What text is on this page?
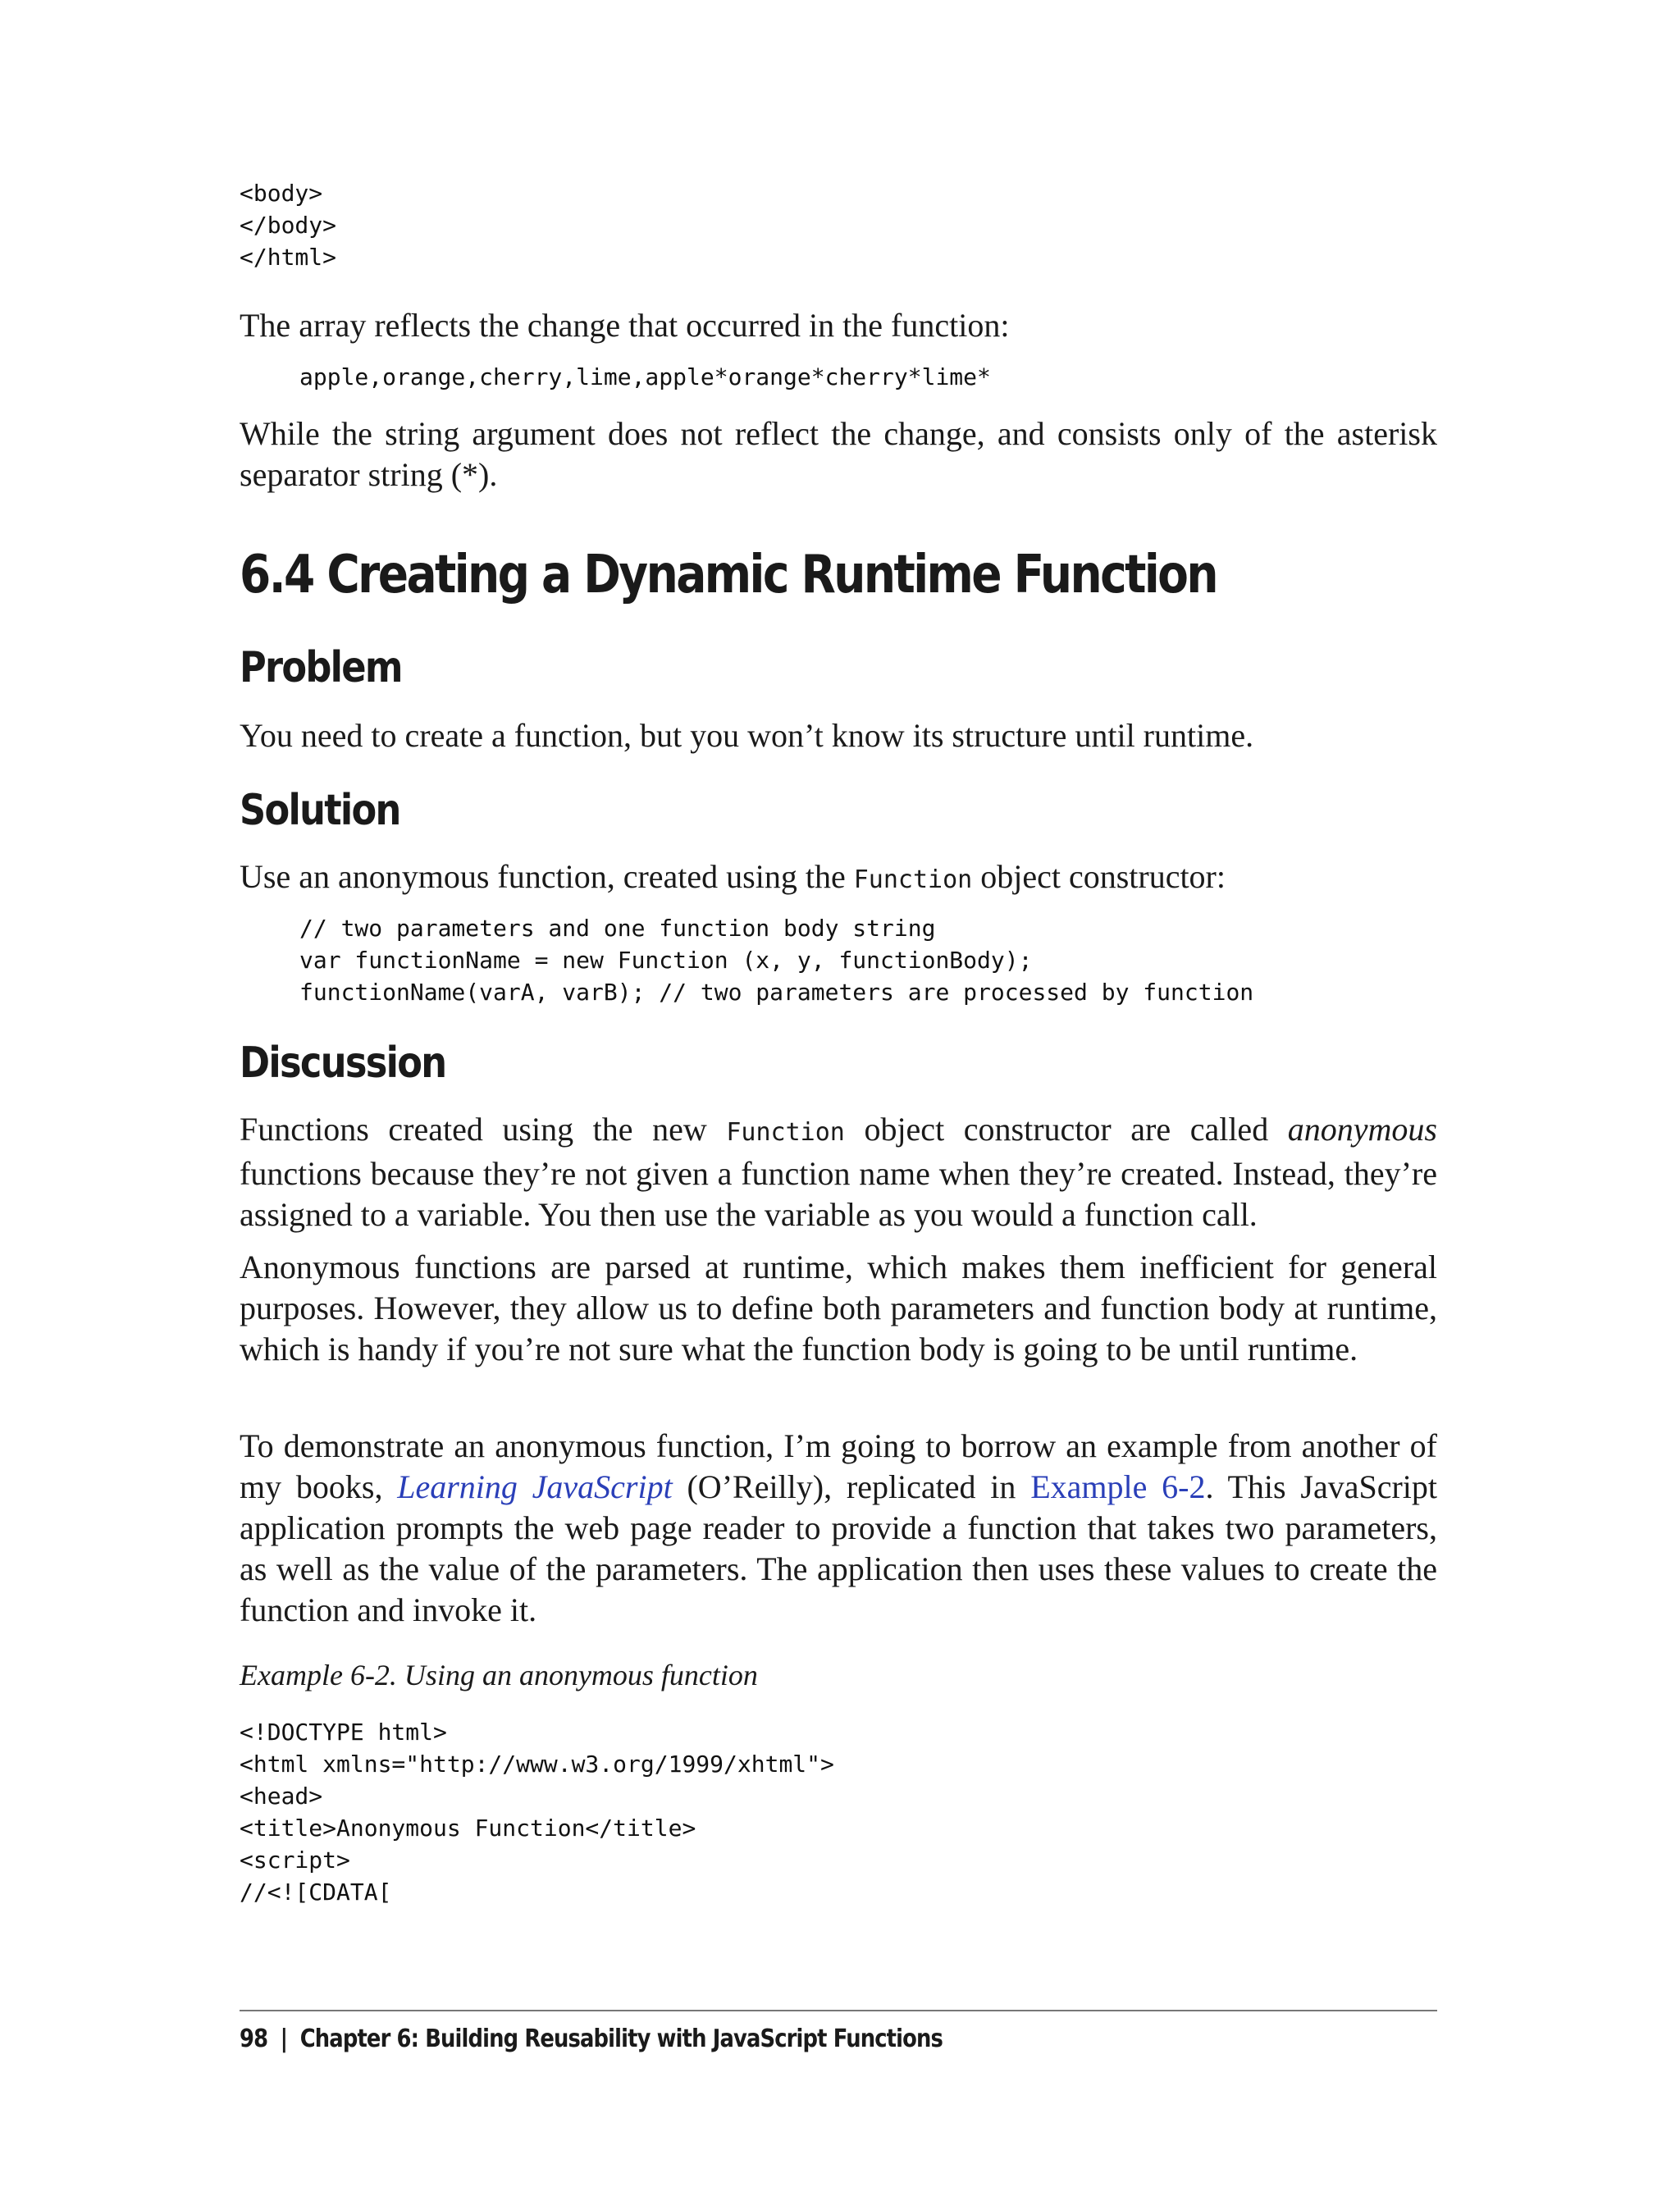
<body>
</body>
</html>

The array reflects the change that occurred in the function:

apple,orange,cherry,lime,apple*orange*cherry*lime*

While the string argument does not reflect the change, and consists only of the asterisk separator string (*).

6.4 Creating a Dynamic Runtime Function
Problem

You need to create a function, but you won’t know its structure until runtime.

Solution

Use an anonymous function, created using the Function object constructor:

// two parameters and one function body string
var functionName = new Function (x, y, functionBody);
functionName(varA, varB); // two parameters are processed by function
Discussion

Functions created using the new Function object constructor are called anonymous functions because they’re not given a function name when they’re created. Instead, they’re assigned to a variable. You then use the variable as you would a function call.

Anonymous functions are parsed at runtime, which makes them inefficient for general purposes. However, they allow us to define both parameters and function body at runtime, which is handy if you’re not sure what the function body is going to be until runtime.

To demonstrate an anonymous function, I’m going to borrow an example from another of my books, Learning JavaScript (O’Reilly), replicated in Example 6-2. This JavaScript application prompts the web page reader to provide a function that takes two parameters, as well as the value of the parameters. The application then uses these values to create the function and invoke it.

Example 6-2. Using an anonymous function

<!DOCTYPE html>
<html xmlns="http://www.w3.org/1999/xhtml">
<head>
<title>Anonymous Function</title>
<script>
//<![CDATA[
98 | Chapter 6: Building Reusability with JavaScript Functions
